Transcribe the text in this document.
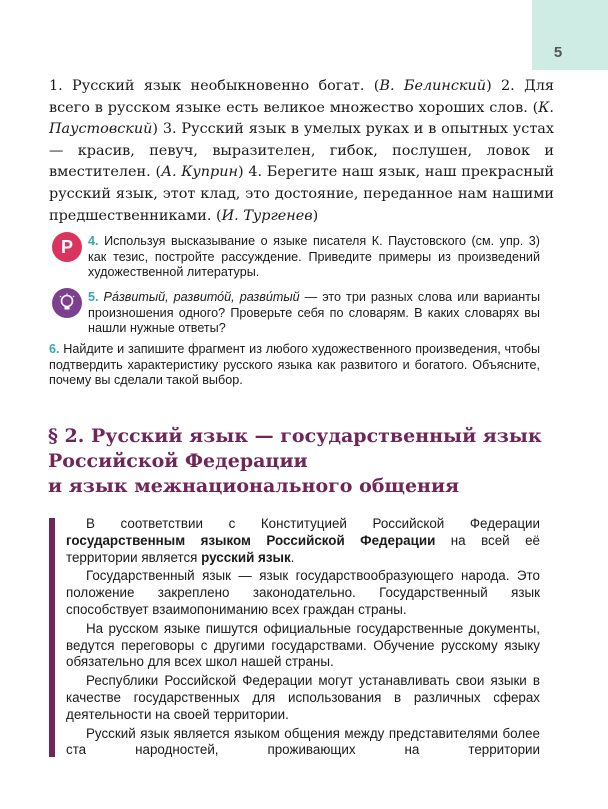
5

1. Русский язык необыкновенно богат. (В. Белинский) 2. Для всего в русском языке есть великое множество хороших слов. (К. Паустовский) 3. Русский язык в умелых руках и в опытных устах — красив, певуч, выразителен, гибок, послушен, ловок и вместителен. (А. Куприн) 4. Берегите наш язык, наш прекрасный русский язык, этот клад, это достояние, переданное нам нашими предшественниками. (И. Тургенев)

Р 4. Используя высказывание о языке писателя К. Паустовского (см. упр. 3) как тезис, постройте рассуждение. Приведите примеры из произведений художественной литературы.
5. Ра́звитый, развито́й, разви́тый — это три разных слова или варианты произношения одного? Проверьте себя по словарям. В каких словарях вы нашли нужные ответы?
6. Найдите и запишите фрагмент из любого художественного произведения, чтобы подтвердить характеристику русского языка как развитого и богатого. Объясните, почему вы сделали такой выбор.
§ 2. Русский язык — государственный язык
Российской Федерации
и язык межнационального общения

В соответствии с Конституцией Российской Федерации государственным языком Российской Федерации на всей её территории является русский язык.

Государственный язык — язык государствообразующего народа. Это положение закреплено законодательно. Государственный язык способствует взаимопониманию всех граждан страны.

На русском языке пишутся официальные государственные документы, ведутся переговоры с другими государствами. Обучение русскому языку обязательно для всех школ нашей страны.

Республики Российской Федерации могут устанавливать свои языки в качестве государственных для использования в различных сферах деятельности на своей территории.

Русский язык является языком общения между представителями более ста народностей, проживающих на территории
